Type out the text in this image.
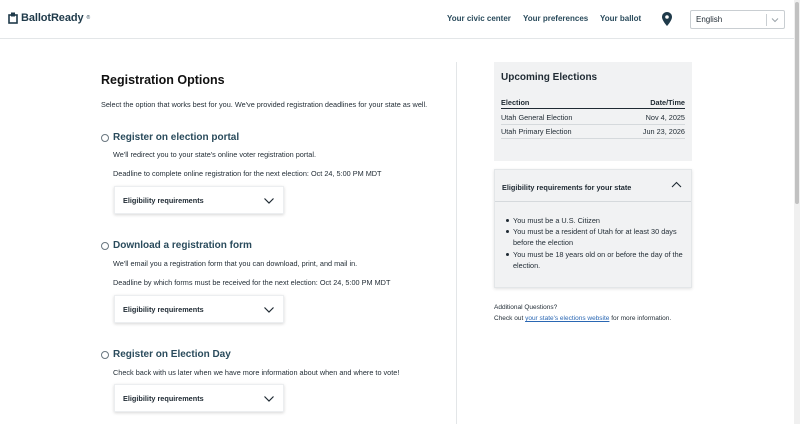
BallotReady ®	Your civic center Your preferences Your ballot	English
Registration Options

Select the option that works best for you. We've provided registration deadlines for your state as well.

Register on election portal

We'll redirect you to your state's online voter registration portal.

Deadline to complete online registration for the next election: Oct 24, 5:00 PM MDT

Eligibility requirements
Download a registration form

We'll email you a registration form that you can download, print, and mail in.

Deadline by which forms must be received for the next election: Oct 24, 5:00 PM MDT

Eligibility requirements
Register on Election Day

Check back with us later when we have more information about when and where to vote!

Eligibility requirements
Upcoming Elections
Election	Date/Time
Utah General Election	Nov 4, 2025
Utah Primary Election	Jun 23, 2026
Eligibility requirements for your state
You must be a U.S. Citizen
You must be a resident of Utah for at least 30 days before the election
You must be 18 years old on or before the day of the election.

Additional Questions?

Check out your state's elections website for more information.
